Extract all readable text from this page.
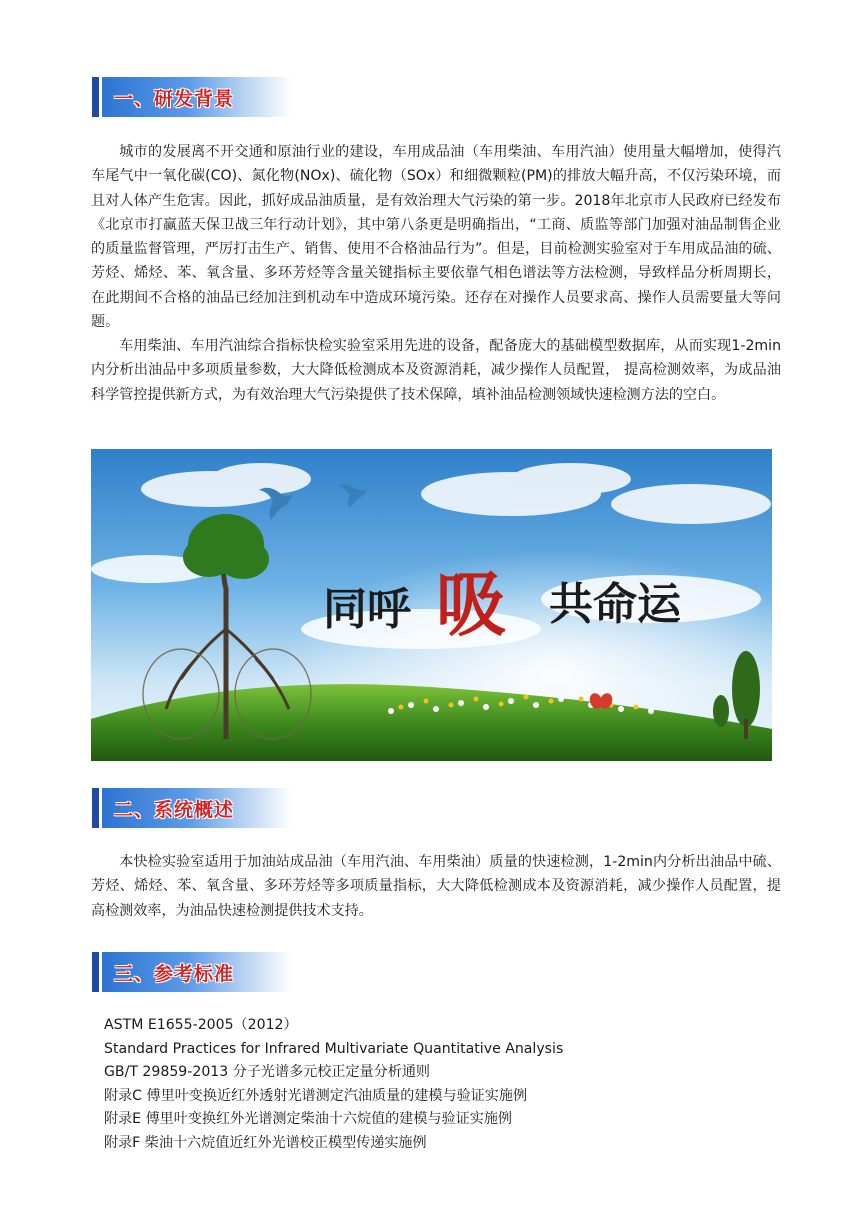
一、研发背景

城市的发展离不开交通和原油行业的建设，车用成品油（车用柴油、车用汽油）使用量大幅增加，使得汽车尾气中一氧化碳(CO)、氮化物(NOx)、硫化物（SOx）和细微颗粒(PM)的排放大幅升高，不仅污染环境，而且对人体产生危害。因此，抓好成品油质量，是有效治理大气污染的第一步。2018年北京市人民政府已经发布《北京市打赢蓝天保卫战三年行动计划》，其中第八条更是明确指出，“工商、质监等部门加强对油品制售企业的质量监督管理，严厉打击生产、销售、使用不合格油品行为”。但是，目前检测实验室对于车用成品油的硫、芳烃、烯烃、苯、氧含量、多环芳烃等含量关键指标主要依靠气相色谱法等方法检测，导致样品分析周期长，在此期间不合格的油品已经加注到机动车中造成环境污染。还存在对操作人员要求高、操作人员需要量大等问题。

车用柴油、车用汽油综合指标快检实验室采用先进的设备，配备庞大的基础模型数据库，从而实现1-2min内分析出油品中多项质量参数，大大降低检测成本及资源消耗，减少操作人员配置， 提高检测效率，为成品油科学管控提供新方式，为有效治理大气污染提供了技术保障，填补油品检测领域快速检测方法的空白。

同呼 吸 共命运
二、系统概述

本快检实验室适用于加油站成品油（车用汽油、车用柴油）质量的快速检测，1-2min内分析出油品中硫、芳烃、烯烃、苯、氧含量、多环芳烃等多项质量指标，大大降低检测成本及资源消耗，减少操作人员配置，提高检测效率，为油品快速检测提供技术支持。

三、参考标准
ASTM E1655-2005（2012）
Standard Practices for Infrared Multivariate Quantitative Analysis
GB/T 29859-2013 分子光谱多元校正定量分析通则
附录C 傅里叶变换近红外透射光谱测定汽油质量的建模与验证实施例
附录E 傅里叶变换红外光谱测定柴油十六烷值的建模与验证实施例
附录F 柴油十六烷值近红外光谱校正模型传递实施例
